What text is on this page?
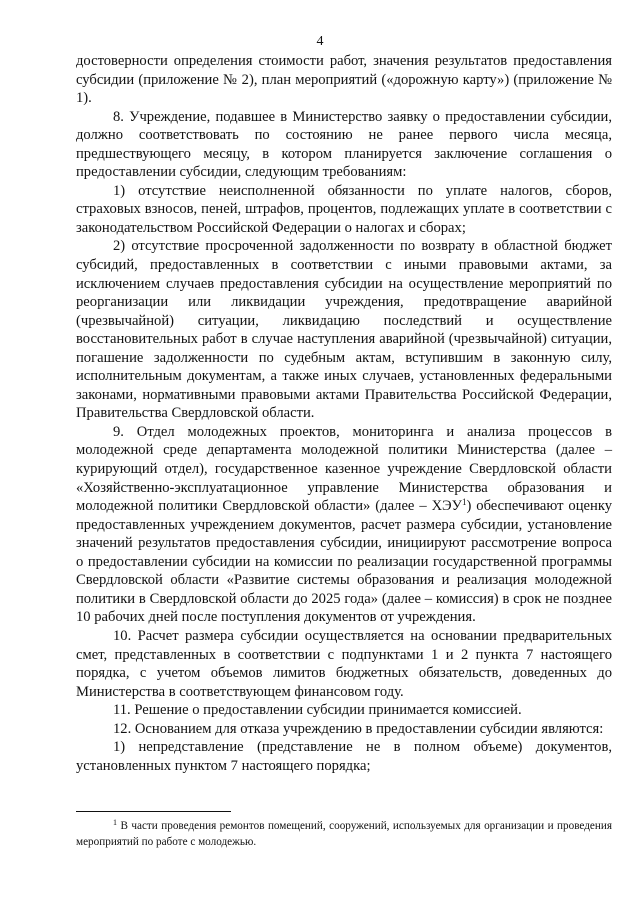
4

достоверности определения стоимости работ, значения результатов предоставления субсидии (приложение № 2), план мероприятий («дорожную карту») (приложение № 1).

8. Учреждение, подавшее в Министерство заявку о предоставлении субсидии, должно соответствовать по состоянию не ранее первого числа месяца, предшествующего месяцу, в котором планируется заключение соглашения о предоставлении субсидии, следующим требованиям:

1) отсутствие неисполненной обязанности по уплате налогов, сборов, страховых взносов, пеней, штрафов, процентов, подлежащих уплате в соответствии с законодательством Российской Федерации о налогах и сборах;

2) отсутствие просроченной задолженности по возврату в областной бюджет субсидий, предоставленных в соответствии с иными правовыми актами, за исключением случаев предоставления субсидии на осуществление мероприятий по реорганизации или ликвидации учреждения, предотвращение аварийной (чрезвычайной) ситуации, ликвидацию последствий и осуществление восстановительных работ в случае наступления аварийной (чрезвычайной) ситуации, погашение задолженности по судебным актам, вступившим в законную силу, исполнительным документам, а также иных случаев, установленных федеральными законами, нормативными правовыми актами Правительства Российской Федерации, Правительства Свердловской области.

9. Отдел молодежных проектов, мониторинга и анализа процессов в молодежной среде департамента молодежной политики Министерства (далее – курирующий отдел), государственное казенное учреждение Свердловской области «Хозяйственно-эксплуатационное управление Министерства образования и молодежной политики Свердловской области» (далее – ХЭУ$^1$) обеспечивают оценку предоставленных учреждением документов, расчет размера субсидии, установление значений результатов предоставления субсидии, инициируют рассмотрение вопроса о предоставлении субсидии на комиссии по реализации государственной программы Свердловской области «Развитие системы образования и реализация молодежной политики в Свердловской области до 2025 года» (далее – комиссия) в срок не позднее 10 рабочих дней после поступления документов от учреждения.

10. Расчет размера субсидии осуществляется на основании предварительных смет, представленных в соответствии с подпунктами 1 и 2 пункта 7 настоящего порядка, с учетом объемов лимитов бюджетных обязательств, доведенных до Министерства в соответствующем финансовом году.

11. Решение о предоставлении субсидии принимается комиссией.

12. Основанием для отказа учреждению в предоставлении субсидии являются:

1) непредставление (представление не в полном объеме) документов, установленных пунктом 7 настоящего порядка;

$^1$ В части проведения ремонтов помещений, сооружений, используемых для организации и проведения мероприятий по работе с молодежью.
